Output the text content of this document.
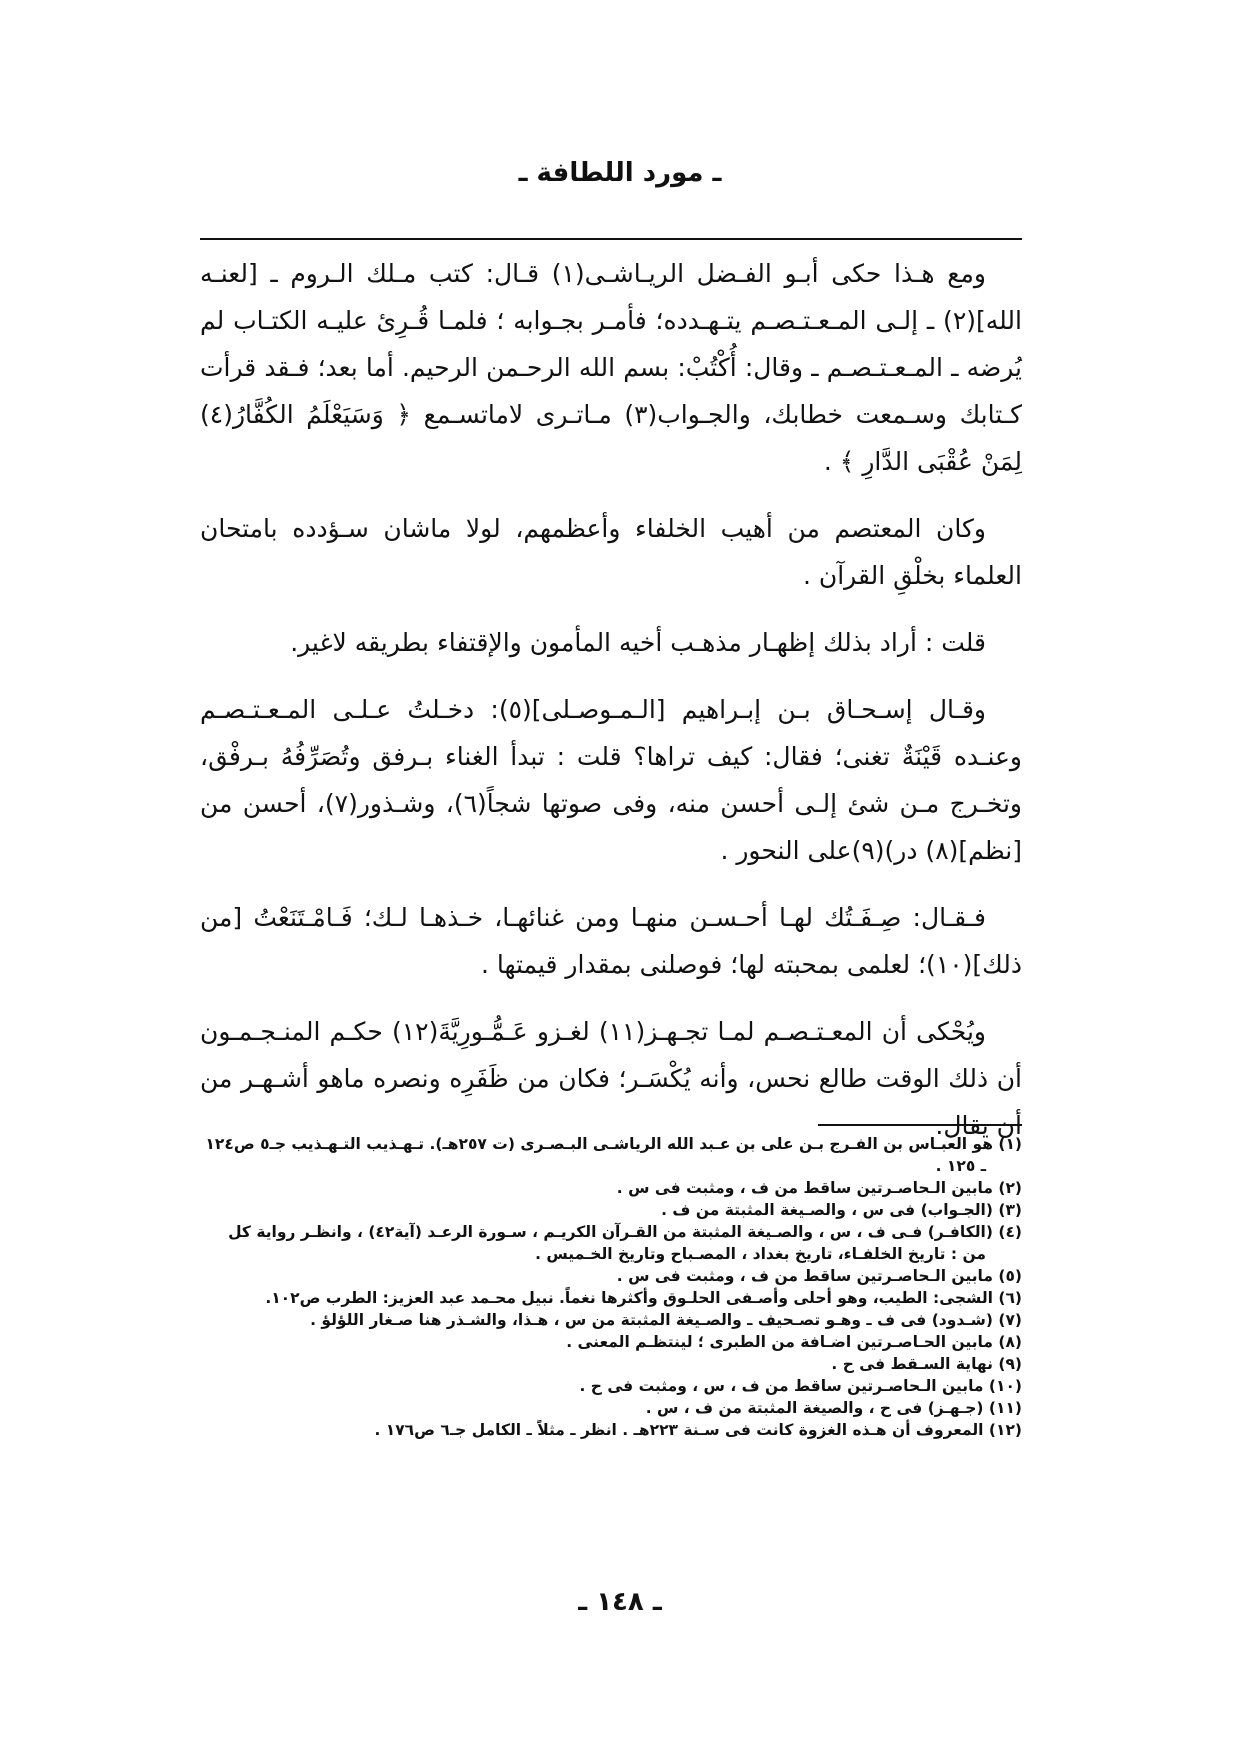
ـ مورد اللطافة ـ

ومع هـذا حكى أبـو الفـضل الريـاشـى(١) قـال: كتب مـلك الـروم ـ [لعنـه الله](٢) ـ إلـى المـعـتـصـم يتـهـدده؛ فأمـر بجـوابه ؛ فلمـا قُـرِئ عليـه الكتـاب لم يُرضه ـ المـعـتـصـم ـ وقال: أُكْتُبْ: بسم الله الرحـمن الرحيم. أما بعد؛ فـقد قرأت كـتابك وسـمعت خطابك، والجـواب(٣) مـاتـرى لاماتسـمع ﴿ وَسَيَعْلَمُ الكُفَّارُ(٤) لِمَنْ عُقْبَى الدَّارِ ﴾ .

وكان المعتصم من أهيب الخلفاء وأعظمهم، لولا ماشان سـؤدده بامتحان العلماء بخلْقِ القرآن .

قلت : أراد بذلك إظهـار مذهـب أخيه المأمون والإقتفاء بطريقه لاغير.

وقـال إسـحـاق بـن إبـراهيم [الـمـوصـلى](٥): دخـلتُ عـلـى المـعـتـصـم وعنـده قَيْنَةٌ تغنى؛ فقال: كيف تراها؟ قلت : تبدأ الغناء بـرفق وتُصَرِّفُهُ بـرفْق، وتخـرج مـن شئ إلـى أحسن منه، وفى صوتها شجاً(٦)، وشـذور(٧)، أحسن من [نظم](٨) در)(٩)على النحور .

فـقـال: صِـفَـتُك لهـا أحـسـن منهـا ومن غنائهـا، خـذهـا لـك؛ فَـامْـتَنَعْتُ [من ذلك](١٠)؛ لعلمى بمحبته لها؛ فوصلنى بمقدار قيمتها .

ويُحْكى أن المعـتـصـم لمـا تجـهـز(١١) لغـزو عَـمُّـورِيَّةَ(١٢) حكـم المنـجـمـون أن ذلك الوقت طالع نحس، وأنه يُكْسَـر؛ فكان من ظَفَرِه ونصره ماهو أشـهـر من أن يقال.

(١) هو العبـاس بن الفـرج بـن على بن عـبد الله الرياشـى البـصـرى (ت ٢٥٧هـ). تـهـذيب التـهـذيب جـ٥ ص١٢٤ ـ ١٢٥ .

(٢) مابين الـحاصـرتين ساقط من ف ، ومثبت فى س .

(٣) (الجـواب) فى س ، والصـيغة المثبتة من ف .

(٤) (الكافـر) فـى ف ، س ، والصـيغة المثبتة من القـرآن الكريـم ، سـورة الرعـد (آية٤٢) ، وانظـر رواية كل من : تاريخ الخلفـاء، تاريخ بغداد ، المصـباح وتاريخ الخـميس .

(٥) مابين الـحاصـرتين ساقط من ف ، ومثبت فى س .

(٦) الشجى: الطيب، وهو أحلى وأصـفى الحلـوق وأكثرها نغماً. نبيل محـمد عبد العزيز: الطرب ص١٠٢.

(٧) (شـدود) فى ف ـ وهـو تصـحيف ـ والصـيغة المثبتة من س ، هـذا، والشـذر هنا صـغار اللؤلؤ .

(٨) مابين الحـاصـرتين اضـافة من الطبرى ؛ لينتظـم المعنى .

(٩) نهاية السـقط فى ح .

(١٠) مابين الـحاصـرتين ساقط من ف ، س ، ومثبت فى ح .

(١١) (جـهـز) فى ح ، والصيغة المثبتة من ف ، س .

(١٢) المعروف أن هـذه الغزوة كانت فى سـنة ٢٢٣هـ . انظر ـ مثلاً ـ الكامل جـ٦ ص١٧٦ .

ـ ١٤٨ ـ
